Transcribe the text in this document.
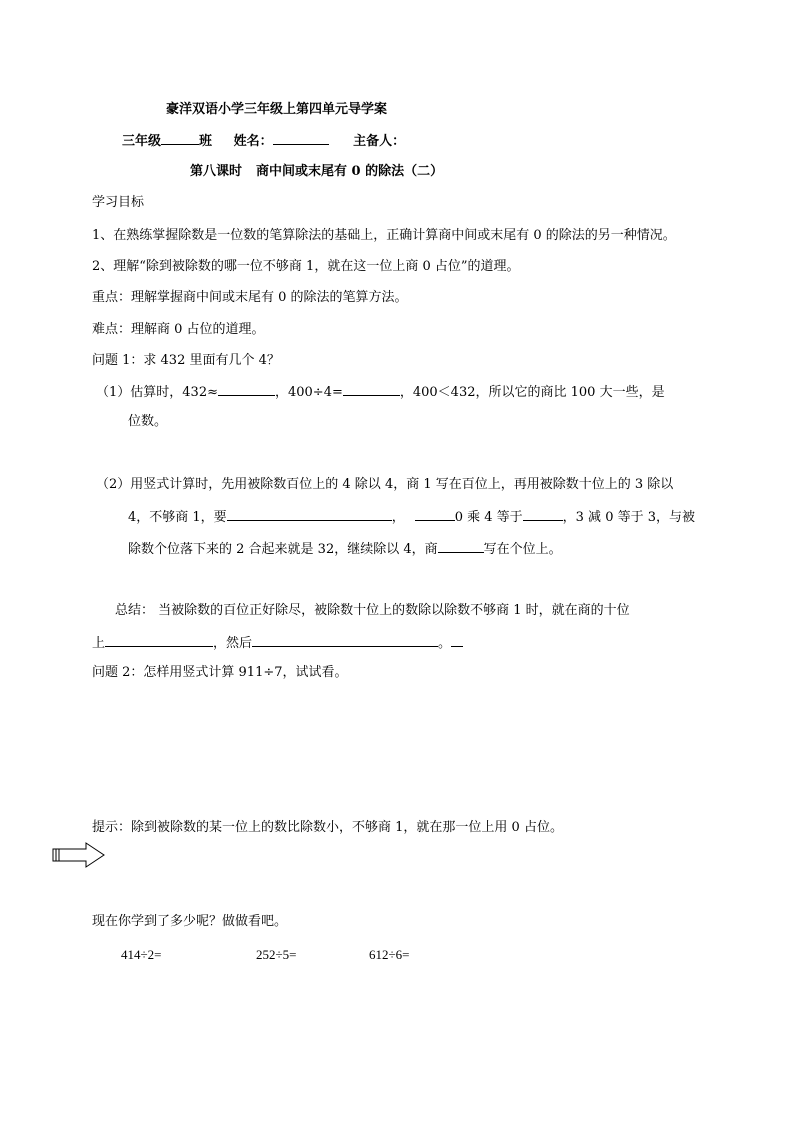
豪洋双语小学三年级上第四单元导学案
三年级	班 姓名：	主备人：
第八课时 商中间或末尾有 0 的除法（二）
学习目标
1、在熟练掌握除数是一位数的笔算除法的基础上，正确计算商中间或末尾有 0 的除法的另一种情况。
2、理解“除到被除数的哪一位不够商 1，就在这一位上商 0 占位”的道理。
重点：理解掌握商中间或末尾有 0 的除法的笔算方法。
难点：理解商 0 占位的道理。
问题 1：求 432 里面有几个 4？
（1）估算时，432≈	，400÷4=	，400＜432，所以它的商比 100 大一些，是
位数。
（2）用竖式计算时，先用被除数百位上的 4 除以 4，商 1 写在百位上，再用被除数十位上的 3 除以
4，不够商 1，要	，	0 乘 4 等于	，3 减 0 等于 3，与被
除数个位落下来的 2 合起来就是 32，继续除以 4，商	写在个位上。
总结： 当被除数的百位正好除尽，被除数十位上的数除以除数不够商 1 时，就在商的十位
上	，然后	。
问题 2：怎样用竖式计算 911÷7，试试看。
提示：除到被除数的某一位上的数比除数小，不够商 1，就在那一位上用 0 占位。
现在你学到了多少呢？做做看吧。
414÷2=	252÷5=	612÷6=
